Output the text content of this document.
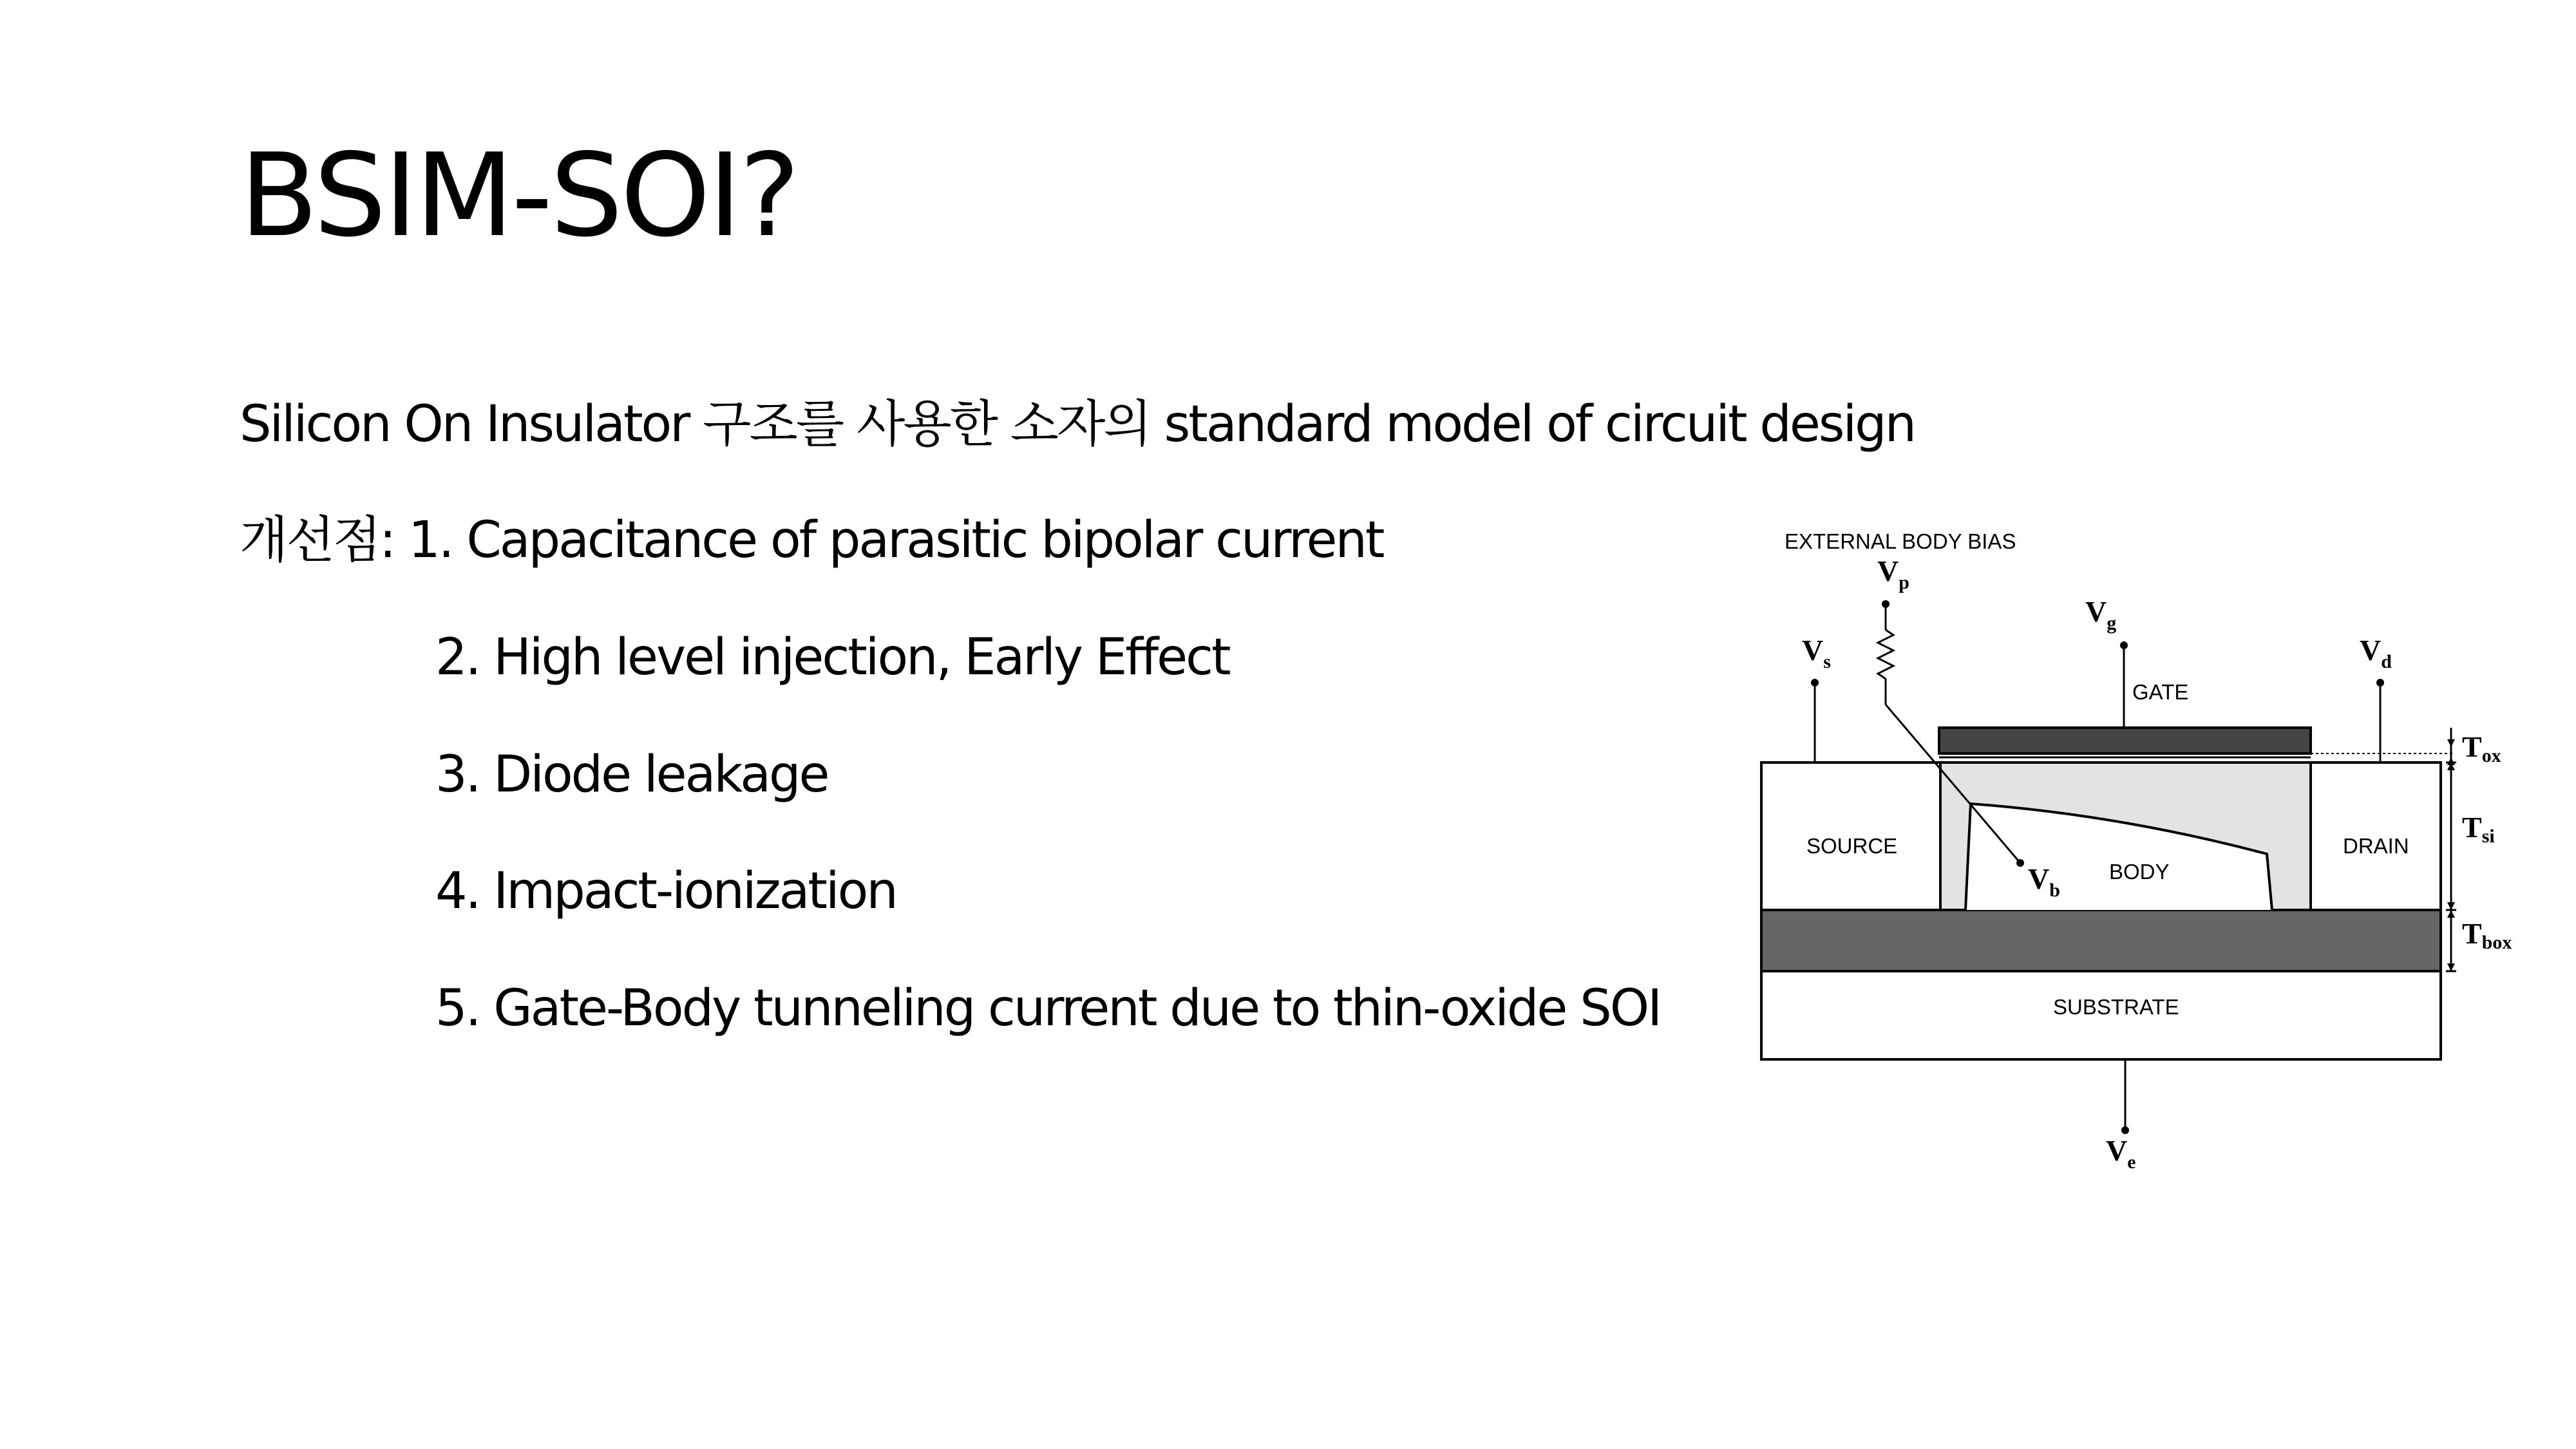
BSIM-SOI?

Silicon On Insulator 구조를 사용한 소자의 standard model of circuit design

개선점: 1. Capacitance of parasitic bipolar current

2. High level injection, Early Effect

3. Diode leakage

4. Impact-ionization

5. Gate-Body tunneling current due to thin-oxide SOI

SOURCE	DRAIN
BODY
SUBSTRATE
GATE
EXTERNAL BODY BIAS
$V_s$	$V_d$
$V_g$
$V_p$
$V_b$
$V_e$
Tox
Tsi
Tbox
